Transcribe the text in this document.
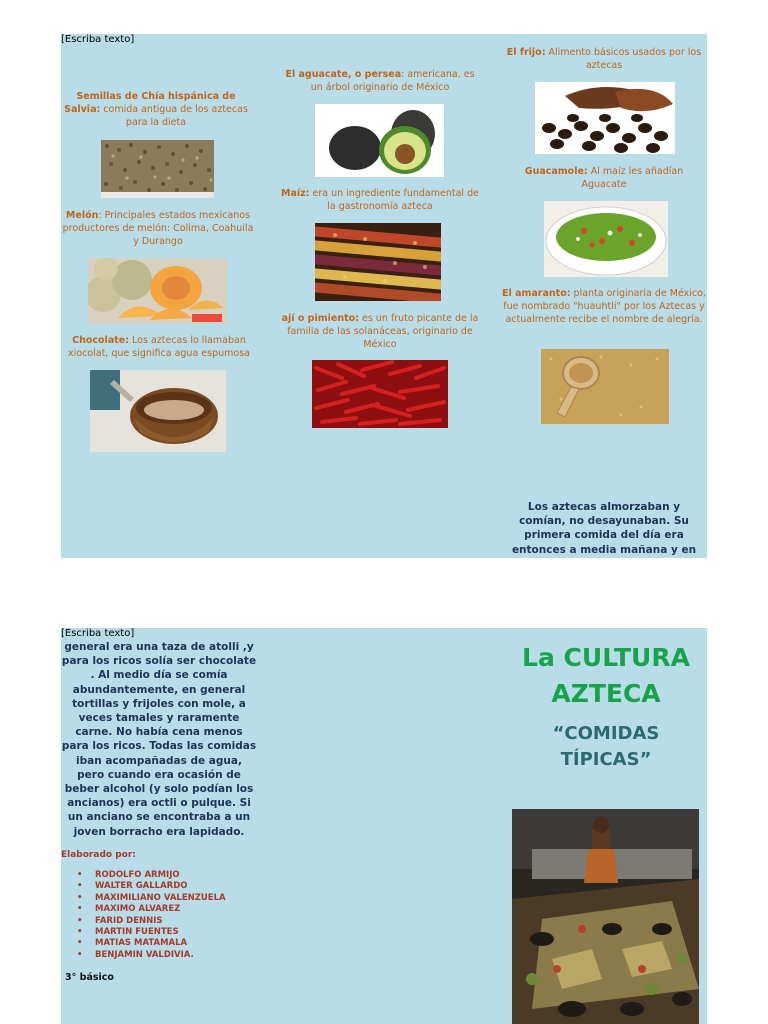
[Escriba texto]
Semillas de Chía hispánica de Salvia: comida antigua de los aztecas para la dieta
Melón: Principales estados mexicanos productores de melón: Colima, Coahuila y Durango
Chocolate: Los aztecas lo llamaban xiocolat, que significa agua espumosa
El aguacate, o persea: americana, es un árbol originario de México
Maíz: era un ingrediente fundamental de la gastronomía azteca
ají o pimiento: es un fruto picante de la familia de las solanáceas, originario de México
El frijo: Alimento básicos usados por los aztecas
Guacamole: Al maíz les añadían Aguacate
El amaranto: planta originaria de México, fue nombrado "huauhtli" por los Aztecas y actualmente recibe el nombre de alegría.
Los aztecas almorzaban y comían, no desayunaban. Su primera comida del día era entonces a media mañana y en
[Escriba texto]
general era una taza de atolli ,y para los ricos solía ser chocolate . Al medio día se comía abundantemente, en general tortillas y frijoles con mole, a veces tamales y raramente carne. No había cena menos para los ricos. Todas las comidas iban acompañadas de agua, pero cuando era ocasión de beber alcohol (y solo podían los ancianos) era octli o pulque. Si un anciano se encontraba a un joven borracho era lapidado.
Elaborado por:
• RODOLFO ARMIJO
• WALTER GALLARDO
• MAXIMILIANO VALENZUELA
• MAXIMO ALVAREZ
• FARID DENNIS
• MARTIN FUENTES
• MATIAS MATAMALA
• BENJAMIN VALDIVIA.
3° básico
La CULTURA
AZTECA
“COMIDAS
TÍPICAS”
